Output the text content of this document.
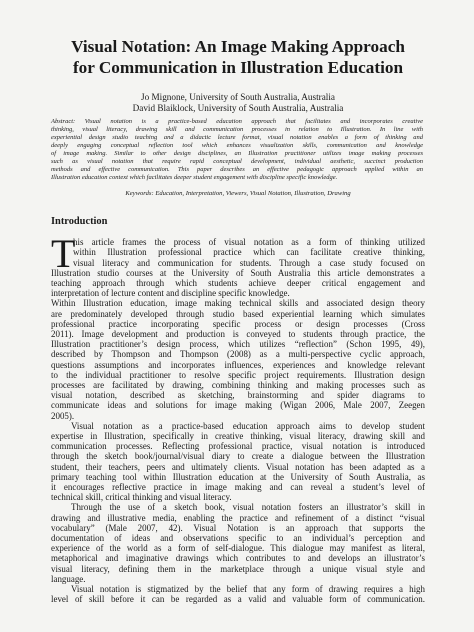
Visual Notation: An Image Making Approach
for Communication in Illustration Education
Jo Mignone, University of South Australia, Australia
David Blaiklock, University of South Australia, Australia
Abstract: Visual notation is a practice-based education approach that facilitates and incorporates creative
thinking, visual literacy, drawing skill and communication processes in relation to Illustration. In line with
experiential design studio teaching and a didactic lecture format, visual notation enables a form of thinking and
deeply engaging conceptual reflection tool which enhances visualization skills, communication and knowledge
of image making. Similar to other design disciplines, an Illustration practitioner utilizes image making processes
such as visual notation that require rapid conceptual development, individual aesthetic, succinct production
methods and effective communication. This paper describes an effective pedagogic approach applied within an
Illustration education context which facilitates deeper student engagement with discipline specific knowledge.
Keywords: Education, Interpretation, Viewers, Visual Notation, Illustration, Drawing
Introduction
T
his article frames the process of visual notation as a form of thinking utilized
within Illustration professional practice which can facilitate creative thinking,
visual literacy and communication for students. Through a case study focused on
Illustration studio courses at the University of South Australia this article demonstrates a
teaching approach through which students achieve deeper critical engagement and
interpretation of lecture content and discipline specific knowledge.
Within Illustration education, image making technical skills and associated design theory
are predominately developed through studio based experiential learning which simulates
professional practice incorporating specific process or design processes (Cross
2011). Image development and production is conveyed to students through practice, the
Illustration practitioner’s design process, which utilizes “reflection” (Schon 1995, 49),
described by Thompson and Thompson (2008) as a multi-perspective cyclic approach,
questions assumptions and incorporates influences, experiences and knowledge relevant
to the individual practitioner to resolve specific project requirements. Illustration design
processes are facilitated by drawing, combining thinking and making processes such as
visual notation, described as sketching, brainstorming and spider diagrams to
communicate ideas and solutions for image making (Wigan 2006, Male 2007, Zeegen
2005).
Visual notation as a practice-based education approach aims to develop student
expertise in Illustration, specifically in creative thinking, visual literacy, drawing skill and
communication processes. Reflecting professional practice, visual notation is introduced
through the sketch book/journal/visual diary to create a dialogue between the Illustration
student, their teachers, peers and ultimately clients. Visual notation has been adapted as a
primary teaching tool within Illustration education at the University of South Australia, as
it encourages reflective practice in image making and can reveal a student’s level of
technical skill, critical thinking and visual literacy.
Through the use of a sketch book, visual notation fosters an illustrator’s skill in
drawing and illustrative media, enabling the practice and refinement of a distinct “visual
vocabulary” (Male 2007, 42). Visual Notation is an approach that supports the
documentation of ideas and observations specific to an individual’s perception and
experience of the world as a form of self-dialogue. This dialogue may manifest as literal,
metaphorical and imaginative drawings which contributes to and develops an illustrator’s
visual literacy, defining them in the marketplace through a unique visual style and
language.
Visual notation is stigmatized by the belief that any form of drawing requires a high
level of skill before it can be regarded as a valid and valuable form of communication.
